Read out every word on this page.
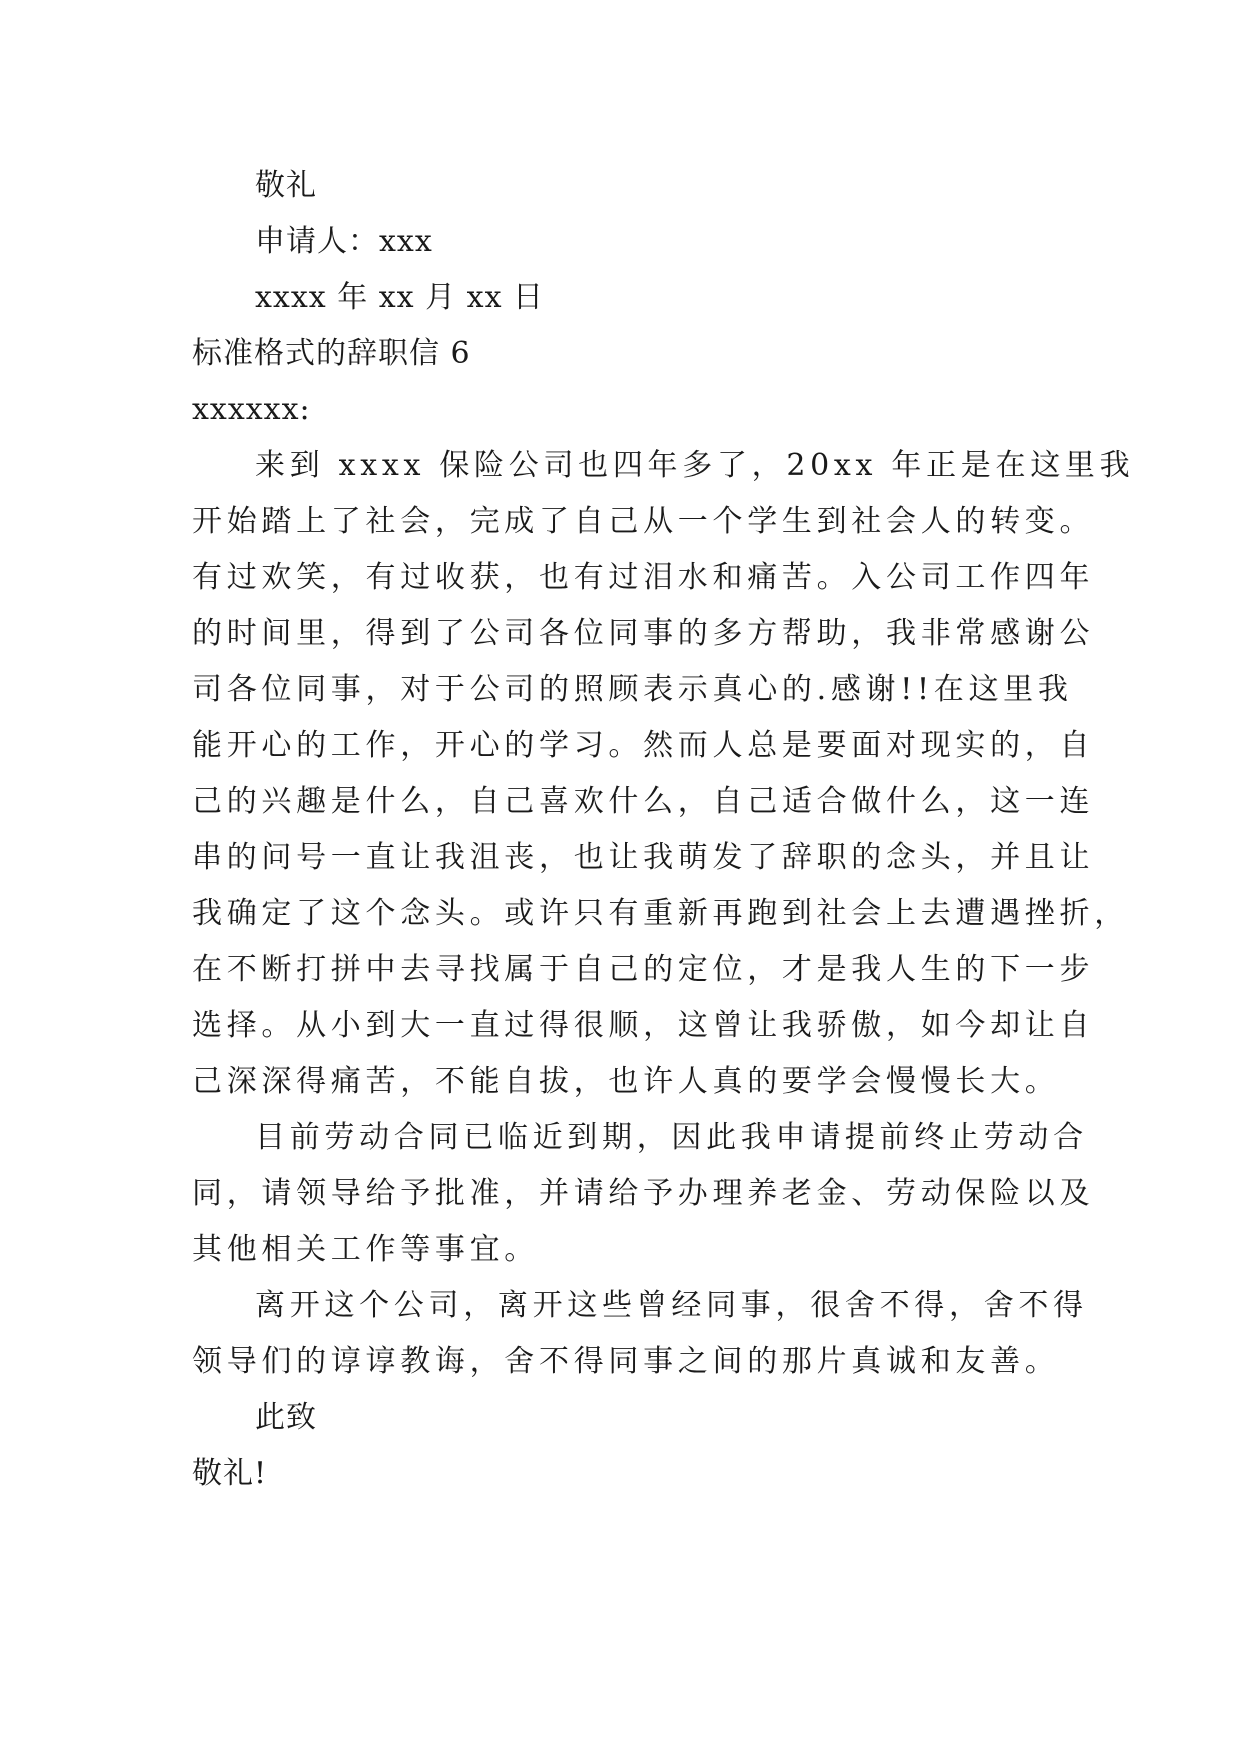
敬礼
申请人：xxx
xxxx 年 xx 月 xx 日
标准格式的辞职信 6
xxxxxx:
来到 xxxx 保险公司也四年多了，20xx 年正是在这里我
开始踏上了社会，完成了自己从一个学生到社会人的转变。
有过欢笑，有过收获，也有过泪水和痛苦。入公司工作四年
的时间里，得到了公司各位同事的多方帮助，我非常感谢公
司各位同事，对于公司的照顾表示真心的.感谢!!在这里我
能开心的工作，开心的学习。然而人总是要面对现实的，自
己的兴趣是什么，自己喜欢什么，自己适合做什么，这一连
串的问号一直让我沮丧，也让我萌发了辞职的念头，并且让
我确定了这个念头。或许只有重新再跑到社会上去遭遇挫折，
在不断打拼中去寻找属于自己的定位，才是我人生的下一步
选择。从小到大一直过得很顺，这曾让我骄傲，如今却让自
己深深得痛苦，不能自拔，也许人真的要学会慢慢长大。
目前劳动合同已临近到期，因此我申请提前终止劳动合
同，请领导给予批准，并请给予办理养老金、劳动保险以及
其他相关工作等事宜。
离开这个公司，离开这些曾经同事，很舍不得，舍不得
领导们的谆谆教诲，舍不得同事之间的那片真诚和友善。
此致
敬礼!
